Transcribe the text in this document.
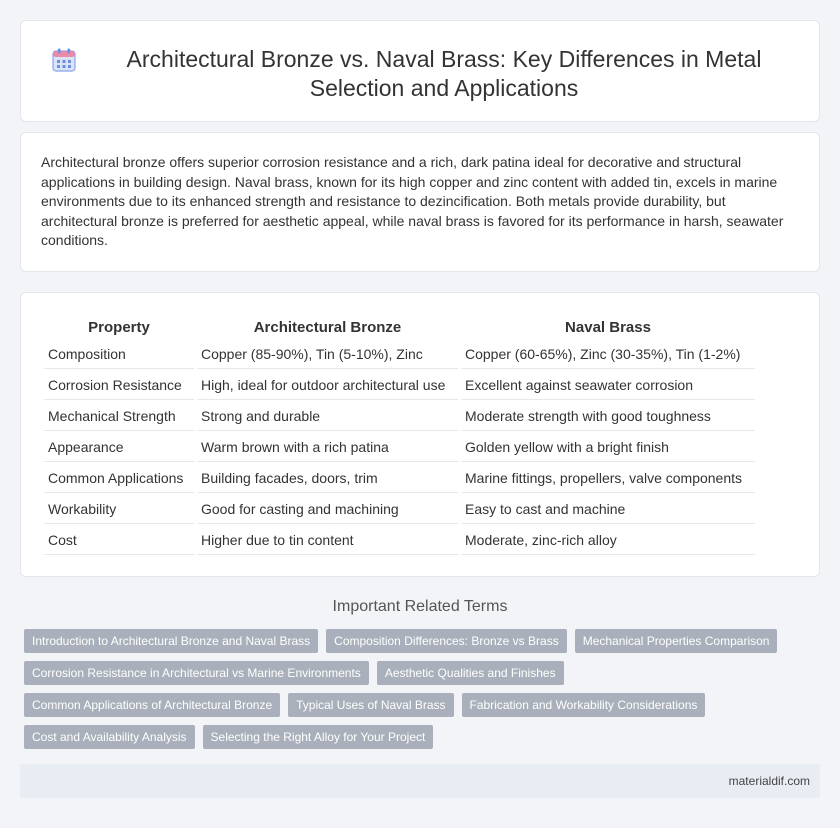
Architectural Bronze vs. Naval Brass: Key Differences in Metal Selection and Applications

Architectural bronze offers superior corrosion resistance and a rich, dark patina ideal for decorative and structural applications in building design. Naval brass, known for its high copper and zinc content with added tin, excels in marine environments due to its enhanced strength and resistance to dezincification. Both metals provide durability, but architectural bronze is preferred for aesthetic appeal, while naval brass is favored for its performance in harsh, seawater conditions.

Property	Architectural Bronze	Naval Brass
Composition	Copper (85-90%), Tin (5-10%), Zinc	Copper (60-65%), Zinc (30-35%), Tin (1-2%)
Corrosion Resistance	High, ideal for outdoor architectural use	Excellent against seawater corrosion
Mechanical Strength	Strong and durable	Moderate strength with good toughness
Appearance	Warm brown with a rich patina	Golden yellow with a bright finish
Common Applications	Building facades, doors, trim	Marine fittings, propellers, valve components
Workability	Good for casting and machining	Easy to cast and machine
Cost	Higher due to tin content	Moderate, zinc-rich alloy
Important Related Terms
Introduction to Architectural Bronze and Naval Brass	Composition Differences: Bronze vs Brass	Mechanical Properties Comparison
Corrosion Resistance in Architectural vs Marine Environments	Aesthetic Qualities and Finishes
Common Applications of Architectural Bronze	Typical Uses of Naval Brass	Fabrication and Workability Considerations
Cost and Availability Analysis	Selecting the Right Alloy for Your Project
materialdif.com
